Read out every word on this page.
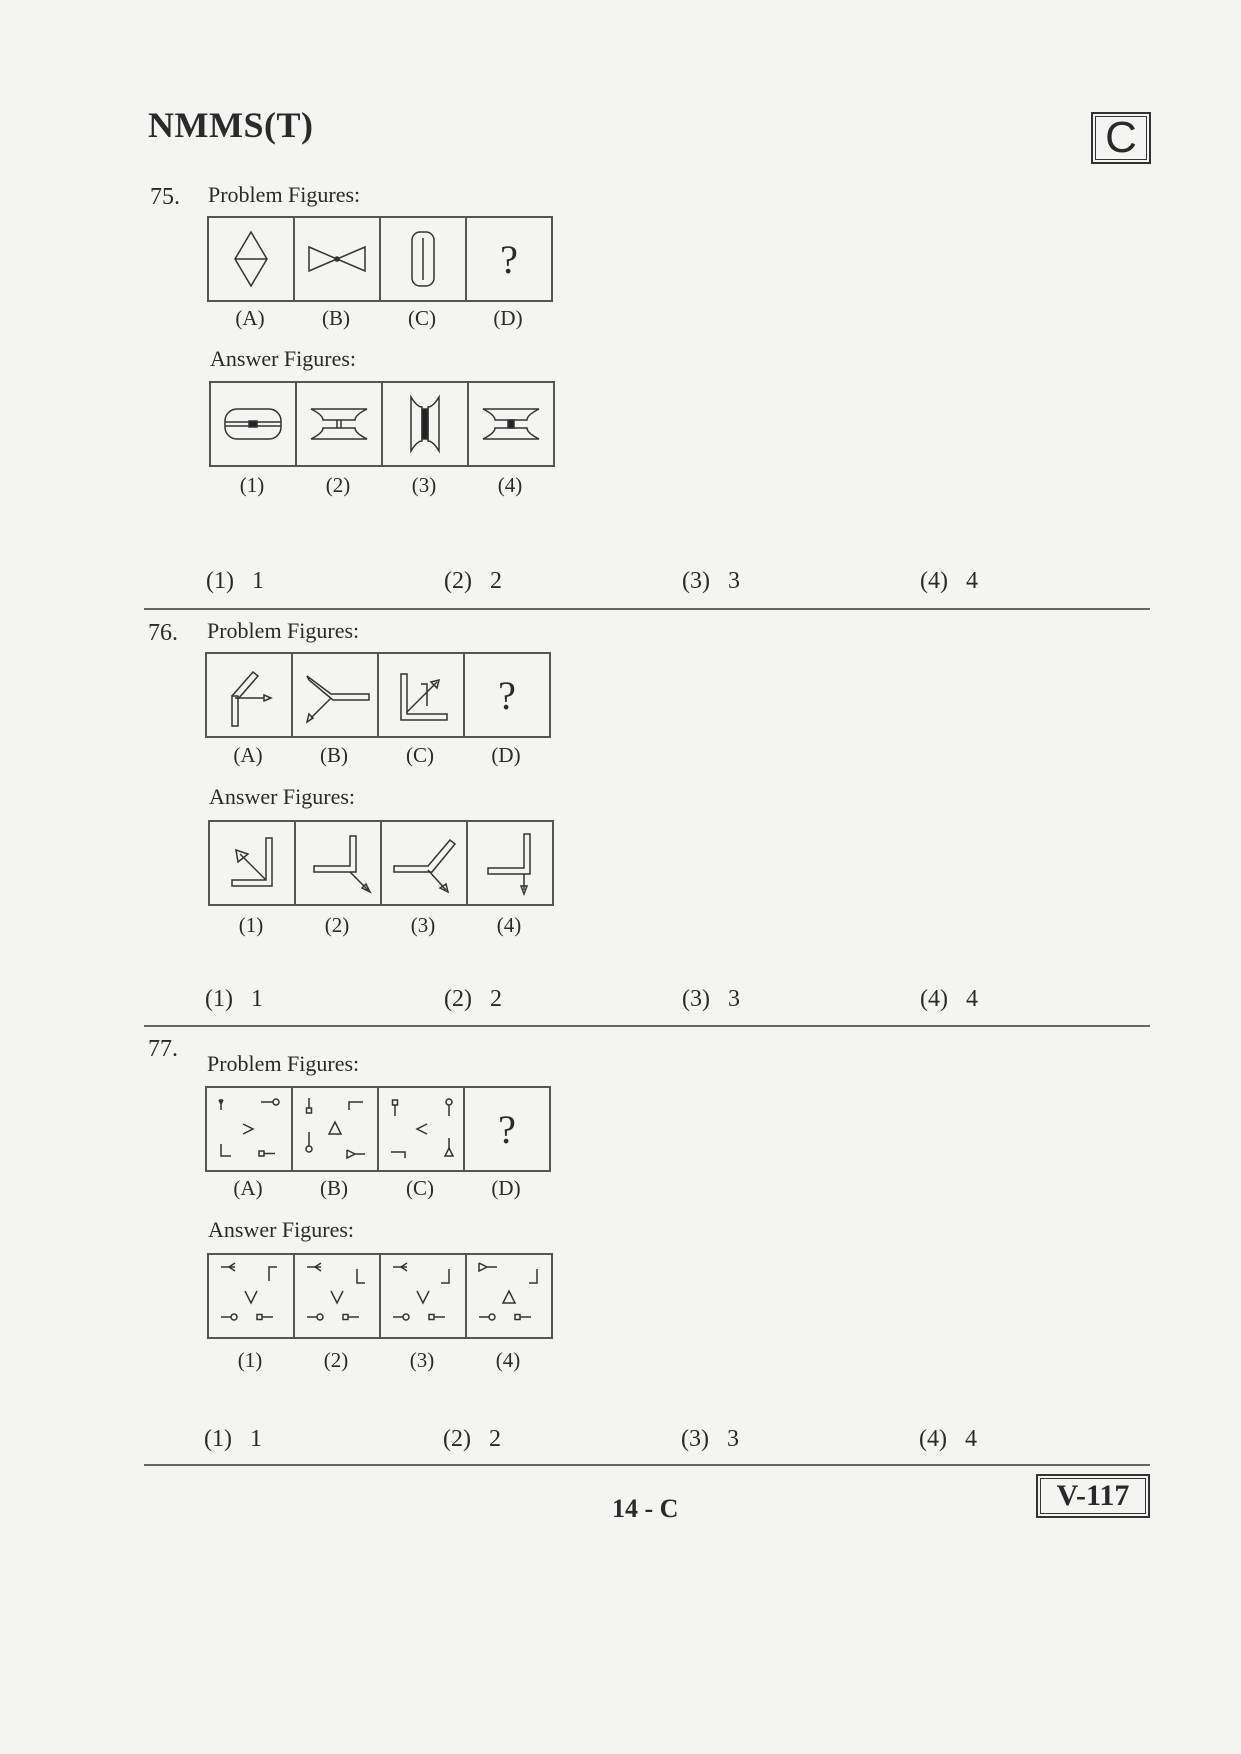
NMMS(T)	C
75. Problem Figures:
?
(A)	(B)	(C)	(D)
Answer Figures:
(1)	(2)	(3)	(4)
(1) 1	(2) 2	(3) 3	(4) 4
76. Problem Figures:
?
(A)	(B)	(C)	(D)
Answer Figures:
(1)	(2)	(3)	(4)
(1) 1	(2) 2	(3) 3	(4) 4
77.
Problem Figures:
?
(A)	(B)	(C)	(D)
Answer Figures:
(1)	(2)	(3)	(4)
(1) 1	(2) 2	(3) 3	(4) 4
14 - C	V-117
